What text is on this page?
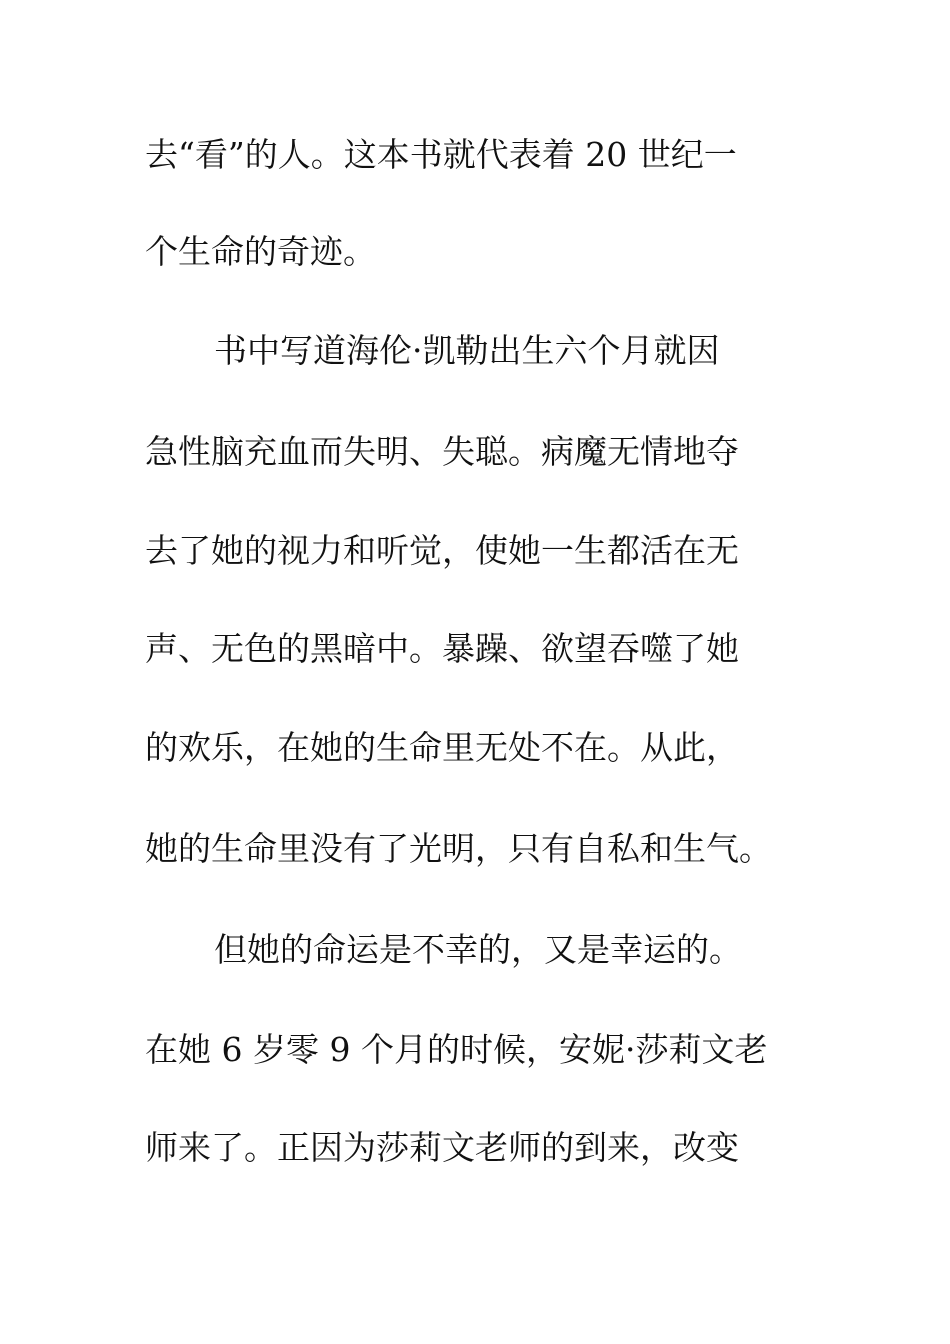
去“看”的人。这本书就代表着 20 世纪一

个生命的奇迹。

书中写道海伦·凯勒出生六个月就因

急性脑充血而失明、失聪。病魔无情地夺

去了她的视力和听觉，使她一生都活在无

声、无色的黑暗中。暴躁、欲望吞噬了她

的欢乐，在她的生命里无处不在。从此，

她的生命里没有了光明，只有自私和生气。

但她的命运是不幸的，又是幸运的。

在她 6 岁零 9 个月的时候，安妮·莎莉文老

师来了。正因为莎莉文老师的到来，改变
